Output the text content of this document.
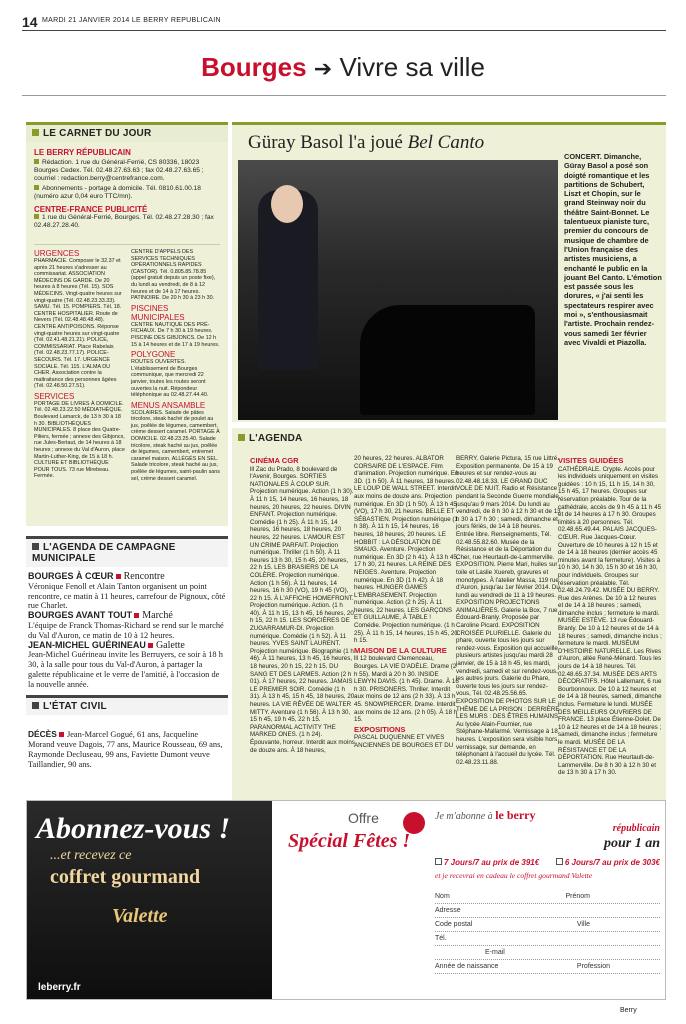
14 MARDI 21 JANVIER 2014 LE BERRY REPUBLICAIN
Bourges ➔ Vivre sa ville
LE CARNET DU JOUR
LE BERRY RÉPUBLICAIN
Rédaction. 1 rue du Général-Ferrié, CS 80336, 18023 Bourges Cedex. Tél. 02.48.27.63.63 ; fax 02.48.27.63.65 ; courriel : redaction.berry@centrefrance.com.
Abonnements - portage à domicile. Tél. 0810.61.00.18 (numéro azur 0,04 euro TTC/mn).
CENTRE-FRANCE PUBLICITÉ
1 rue du Général-Ferrié, Bourges. Tél. 02.48.27.28.30 ; fax 02.48.27.28.40.
URGENCES
PHARMACIE. Composer le 32.37 et après 21 heures s'adresser au commissariat. ASSOCIATION MÉDECINS DE GARDE. De 20 heures à 8 heures (Tél. 15). SOS MÉDECINS. Vingt-quatre heures sur vingt-quatre (Tél. 02.48.23.33.33). SAMU. Tél. 15. POMPIERS. Tél. 18. CENTRE HOSPITALIER. Route de Nevers (Tél. 02.48.48.48.48). CENTRE ANTIPOISONS. Réponse vingt-quatre heures sur vingt-quatre (Tél. 02.41.48.21.21). POLICE, COMMISSARIAT. Place Rabelais (Tél. 02.48.23.77.17). POLICE-SECOURS. Tél. 17. URGENCE SOCIALE. Tél. 115. L'ALMA DU CHER. Association contre la maltraitance des personnes âgées (Tél. 02.48.50.27.51).
SERVICES
PORTAGE DE LIVRES À DOMICILE. Tél. 02.48.23.22.50 MÉDIATHÈQUE. Boulevard Lamarck, de 13 h 30 à 18 h 30. BIBLIOTHÈQUES MUNICIPALES. 8 place des Quatre-Piliers, fermée ; annexe des Gibjoncs, rue Jules-Bertaut, de 14 heures à 18 heures ; annexe du Val d'Auron, place Martin-Luther-King, de 15 à 18 h. CULTURE ET BIBLIOTHÈQUE POUR TOUS. 73 rue Mirebeau. Fermée.
CENTRE D'APPELS DES SERVICES TECHNIQUES OPÉRATIONNELS RAPIDES (CASTOR). Tél. 0.805.85.78.85 (appel gratuit depuis un poste fixe), du lundi au vendredi, de 8 à 12 heures et de 14 à 17 heures. PATINOIRE. De 20 h 30 à 23 h 30.
PISCINES MUNICIPALES
CENTRE NAUTIQUE DES PRÉ-FICHAUX. De 7 h 30 à 19 heures. PISCINE DES GIBJONCS. De 12 h 15 à 14 heures et de 17 à 19 heures.
POLYGONE
ROUTES OUVERTES. L'établissement de Bourges communique, que mercredi 22 janvier, toutes les routes seront ouvertes la nuit. Répondeur téléphonique au 02.48.27.44.40.
MENUS ANSAMBLE
SCOLAIRES. Salade de pâtes tricolore, steak haché de poulet au jus, poêlée de légumes, camembert, crème dessert caramel. PORTAGE À DOMICILE. 02.48.23.25.40. Salade tricolore, steak haché au jus, poêlée de légumes, camembert, entremet caramel maison. ALLÉGÉS EN SEL. Salade tricolore, steak haché au jus, poêlée de légumes, saint-paulin sans sel, crème dessert caramel.
L'AGENDA DE CAMPAGNE MUNICIPALE
BOURGES À CŒUR Rencontre
Véronique Fenoll et Alain Tanton organisent un point rencontre, ce matin à 11 heures, carrefour de Pignoux, côté rue Charlet.
BOURGES AVANT TOUT Marché
L'équipe de Franck Thomas-Richard se rend sur le marché du Val d'Auron, ce matin de 10 à 12 heures.
JEAN-MICHEL GUÉRINEAU Galette
Jean-Michel Guérineau invite les Berruyers, ce soir à 18 h 30, à la salle pour tous du Val-d'Auron, à partager la galette républicaine et le verre de l'amitié, à l'occasion de la nouvelle année.
L'ÉTAT CIVIL
DÉCÈS Jean-Marcel Gogué, 61 ans, Jacqueline Morand veuve Dagois, 77 ans, Maurice Rousseau, 69 ans, Raymonde Decluseau, 99 ans, Faviette Dumont veuve Taillandier, 90 ans.
Güray Basol l'a joué Bel Canto
CONCERT. Dimanche, Güray Basol a posé son doigté romantique et les partitions de Schubert, Liszt et Chopin, sur le grand Steinway noir du théâtre Saint-Bonnet. Le talentueux pianiste turc, premier du concours de musique de chambre de l'Union française des artistes musiciens, a enchanté le public en la jouant Bel Canto. L'émotion est passée sous les dorures, « j'ai senti les spectateurs respirer avec moi », s'enthousiasmait l'artiste. Prochain rendez-vous samedi 1er février avec Vivaldi et Piazolla.
L'AGENDA
CINÉMA CGR
lll Zac du Prado, 8 boulevard de l'Avenir, Bourges. SORTIES NATIONALES À COUP SUR. Projection numérique. Action (1 h 30). À 11 h 15, 14 heures, 16 heures, 18 heures, 20 heures, 22 heures. DIVIN ENFANT. Projection numérique. Comédie (1 h 25). À 11 h 15, 14 heures, 16 heures, 18 heures, 20 heures, 22 heures. L'AMOUR EST UN CRIME PARFAIT. Projection numérique. Thriller (1 h 50). À 11 heures 13 h 30, 15 h 45, 20 heures, 22 h 15. LES BRASIERS DE LA COLÈRE. Projection numérique. Action (1 h 56). À 11 heures, 14 heures, 16 h 30 (VO), 19 h 45 (VO), 22 h 15. À L'AFFICHE HOMEFRONT. Projection numérique. Action. (1 h 40). À 11 h 15, 13 h 45, 16 heures, 20 h 15, 22 h 15. LES SORCIÈRES DE ZUGARRAMUR-DI. Projection numérique. Comédie (1 h 52). À 11 heures. YVES SAINT LAURENT. Projection numérique. Biographie (1 h 46). À 11 heures, 13 h 45, 16 heures, 18 heures, 20 h 15, 22 h 15. DU SANG ET DES LARMES. Action (2 h 01). À 17 heures, 22 heures. JAMAIS LE PREMIER SOIR. Comédie (1 h 31). À 13 h 45, 15 h 45, 18 heures, 20 heures. LA VIE RÊVÉE DE WALTER MITTY. Aventure (1 h 56). À 13 h 30, 15 h 45, 19 h 45, 22 h 15. PARANORMAL ACTIVITY THE MARKED ONES. (1 h 24). Épouvante, horreur. Interdit aux moins de douze ans. À 18 heures,
20 heures, 22 heures. ALBATOR CORSAIRE DE L'ESPACE. Film d'animation. Projection numérique. En 3D. (1 h 50). À 11 heures, 18 heures. LE LOUP DE WALL STREET. Interdit aux moins de douze ans. Projection numérique. En 3D (1 h 50). À 13 h 45 (VO), 17 h 30, 21 heures. BELLE ET SÉBASTIEN. Projection numérique (1 h 38). À 11 h 15, 14 heures, 16 heures, 18 heures, 20 heures. LE HOBBIT : LA DÉSOLATION DE SMAUG. Aventure. Projection numérique. En 3D (2 h 41). À 13 h 45, 17 h 30, 21 heures. LA REINE DES NEIGES. Aventure. Projection numérique. En 3D (1 h 42). À 18 heures. HUNGER GAMES L'EMBRASEMENT. Projection numérique. Action (2 h 25). À 11 heures, 22 heures. LES GARÇONS ET GUILLAUME, À TABLE ! Comédie. Projection numérique. (1 h 25). À 11 h 15, 14 heures, 15 h 45, 20 h 15.
MAISON DE LA CULTURE
lll 12 boulevard Clemenceau, Bourges. LA VIE D'ADÈLE. Drame (2 h 55). Mardi à 20 h 30. INSIDE LEWYN DAVIS. (1 h 45). Drame. À 16 h 30. PRISONERS. Thriller. Interdit aux moins de 12 ans (2 h 33). À 13 h 45. SNOWPIERCER. Drame. Interdit aux moins de 12 ans. (2 h 05). À 18 h 15.
EXPOSITIONS
PASCAL DUQUENNE ET VIVES ANCIENNES DE BOURGES ET DU
BERRY. Galerie Pictura, 15 rue Littré. Exposition permanente. De 15 à 19 heures et sur rendez-vous au 02.48.48.18.33. LE GRAND DUC VOLE DE NUIT. Radio et Résistance pendant la Seconde Guerre mondiale, jusqu'au 9 mars 2014. Du lundi au vendredi, de 8 h 30 à 12 h 30 et de 13 h 30 à 17 h 30 ; samedi, dimanche et jours fériés, de 14 à 18 heures. Entrée libre. Renseignements, Tél. 02.48.55.82.60. Musée de la Résistance et de la Déportation du Cher, rue Heurtault-de-Lammerville. EXPOSITION. Pierre Mari, huiles sur toile et Laslie Xuereb, gravures et monotypes. À l'atelier Massa, 119 rue d'Auron, jusqu'au 1er février 2014. Du lundi au vendredi de 11 à 19 heures. EXPOSITION PROJECTIONS ANIMALIÈRES. Galerie la Box, 7 rue Édouard-Branly. Proposée par Caroline Picard. EXPOSITION CROISÉE PLURIELLE. Galerie du phare, ouverte tous les jours sur rendez-vous. Exposition qui accueille plusieurs artistes jusqu'au mardi 28 janvier, de 15 à 18 h 45, les mardi, vendredi, samedi et sur rendez-vous, les autres jours. Galerie du Phare, ouverte tous les jours sur rendez-vous, Tél. 02.48.25.56.65. EXPOSITION DE PHOTOS SUR LE THÈME DE LA PRISON : DERRIÈRE LES MURS : DES ÊTRES HUMAINS. Au lycée Alain-Fournier, rue Stéphane-Mallarmé. Vernissage à 18 heures. L'exposition sera visible hors vernissage, sur demande, en téléphonant à l'accueil du lycée. Tél. 02.48.23.11.88.
VISITES GUIDÉES
CATHÉDRALE. Crypte. Accès pour les individuels uniquement en visites guidées : 10 h 15, 11 h 15, 14 h 30, 15 h 45, 17 heures. Groupes sur réservation préalable. Tour de la cathédrale, accès de 9 h 45 à 11 h 45 et de 14 heures à 17 h 30. Groupes limités à 20 personnes. Tél. 02.48.65.49.44. PALAIS JACQUES-CŒUR. Rue Jacques-Cœur. Ouverture de 10 heures à 12 h 15 et de 14 à 18 heures (dernier accès 45 minutes avant la fermeture). Visites à 10 h 30, 14 h 30, 15 h 30 et 16 h 30, pour individuels. Groupes sur réservation préalable. Tél. 02.48.24.79.42. MUSÉE DU BERRY. Rue des Arènes. De 10 à 12 heures et de 14 à 18 heures ; samedi, dimanche inclus ; fermeture le mardi. MUSÉE ESTÈVE. 13 rue Édouard-Branly. De 10 à 12 heures et de 14 à 18 heures ; samedi, dimanche inclus ; fermeture le mardi. MUSÉUM D'HISTOIRE NATURELLE. Les Rives d'Auron, allée René-Ménard. Tous les jours de 14 à 18 heures. Tél. 02.48.65.37.34. MUSÉE DES ARTS DÉCORATIFS. Hôtel Lallemant, 6 rue Bourbonnoux. De 10 à 12 heures et de 14 à 18 heures, samedi, dimanche inclus. Fermeture le lundi. MUSÉE DES MEILLEURS OUVRIERS DE FRANCE. 13 place Étienne-Dolet. De 10 à 12 heures et de 14 à 18 heures ; samedi, dimanche inclus ; fermeture le mardi. MUSÉE DE LA RÉSISTANCE ET DE LA DÉPORTATION. Rue Heurtault-de-Lammerville. De 8 h 30 à 12 h 30 et de 13 h 30 à 17 h 30.
Abonnez-vous !
...et recevez ce
coffret gourmand
Valette
leberry.fr
Offre
Spécial Fêtes !
Je m'abonne à le berry
républicain
pour 1 an
7 Jours/7 au prix de 391€	6 Jours/7 au prix de 303€
et je recevrai en cadeau le coffret gourmand Valette
Nom	Prénom
Adresse
Code postal	Ville
Tél.
E-mail
Année de naissance	Profession
Berry
